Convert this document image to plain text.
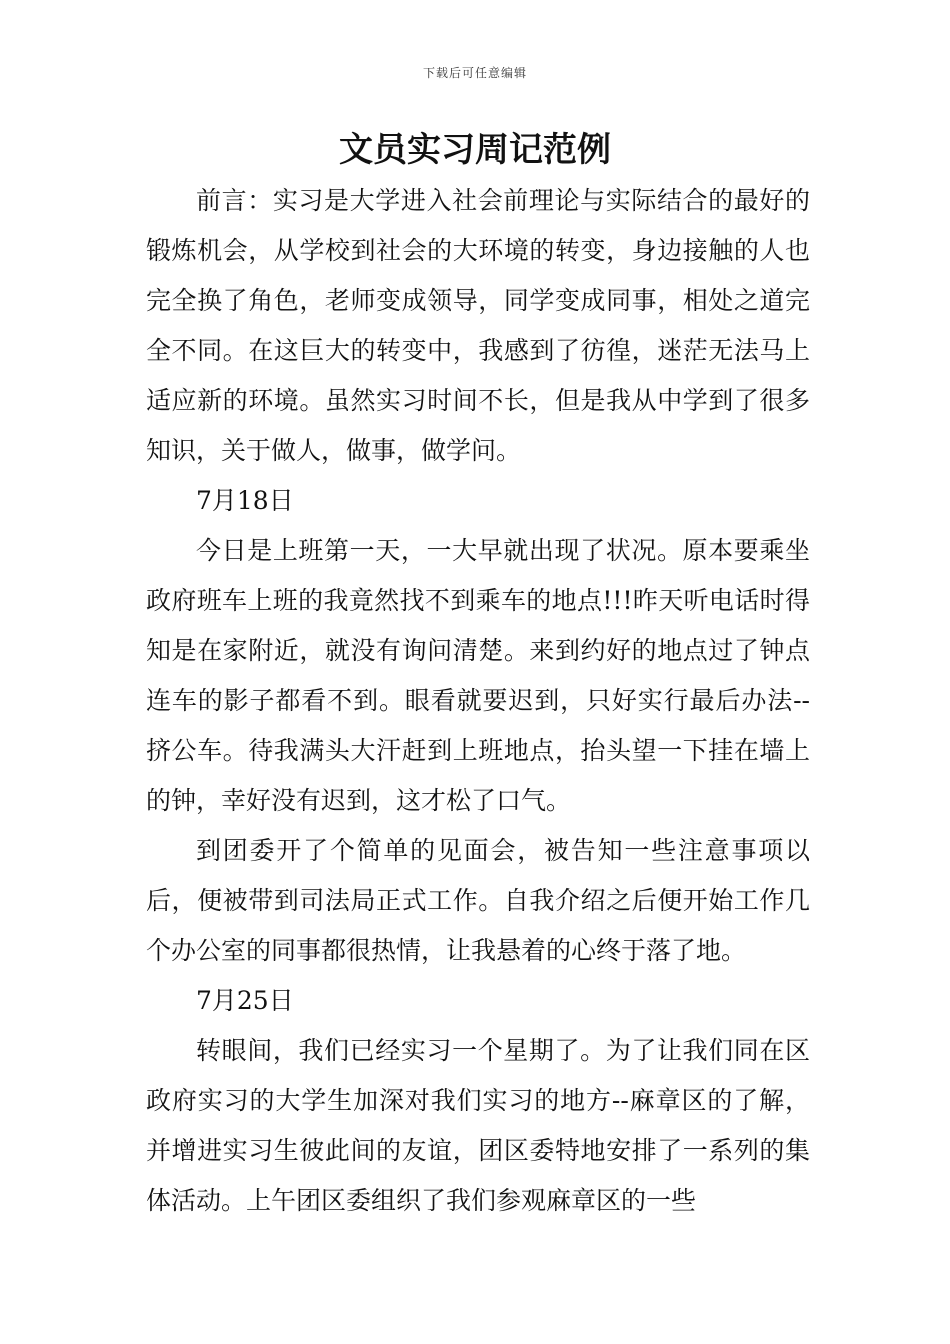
下载后可任意编辑
文员实习周记范例

前言：实习是大学进入社会前理论与实际结合的最好的锻炼机会，从学校到社会的大环境的转变，身边接触的人也完全换了角色，老师变成领导，同学变成同事，相处之道完全不同。在这巨大的转变中，我感到了彷徨，迷茫无法马上适应新的环境。虽然实习时间不长，但是我从中学到了很多知识，关于做人，做事，做学问。

7月18日

今日是上班第一天，一大早就出现了状况。原本要乘坐政府班车上班的我竟然找不到乘车的地点!!!昨天听电话时得知是在家附近，就没有询问清楚。来到约好的地点过了钟点连车的影子都看不到。眼看就要迟到，只好实行最后办法--挤公车。待我满头大汗赶到上班地点，抬头望一下挂在墙上的钟，幸好没有迟到，这才松了口气。

到团委开了个简单的见面会，被告知一些注意事项以后，便被带到司法局正式工作。自我介绍之后便开始工作几个办公室的同事都很热情，让我悬着的心终于落了地。

7月25日

转眼间，我们已经实习一个星期了。为了让我们同在区政府实习的大学生加深对我们实习的地方--麻章区的了解，并增进实习生彼此间的友谊，团区委特地安排了一系列的集体活动。上午团区委组织了我们参观麻章区的一些
